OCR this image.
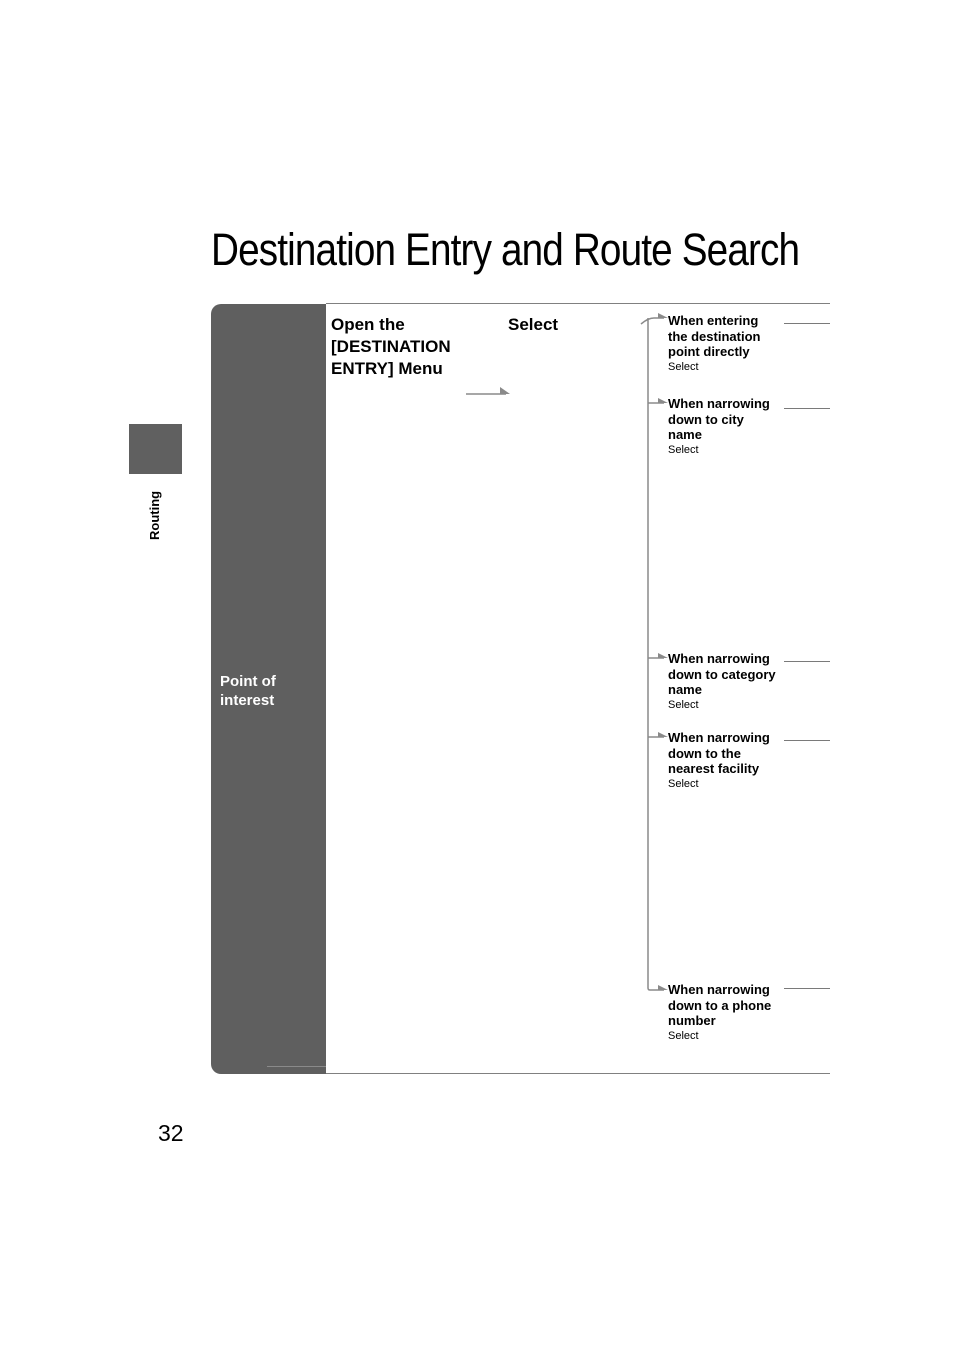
Routing
Destination Entry and Route Search
Point of
interest
Open the
[DESTINATION
ENTRY] Menu
Select	When entering
the destination
point directly
Select
When narrowing
down to city
name
Select
When narrowing
down to category
name
Select
When narrowing
down to the
nearest facility
Select
When narrowing
down to a phone
number
Select
32
